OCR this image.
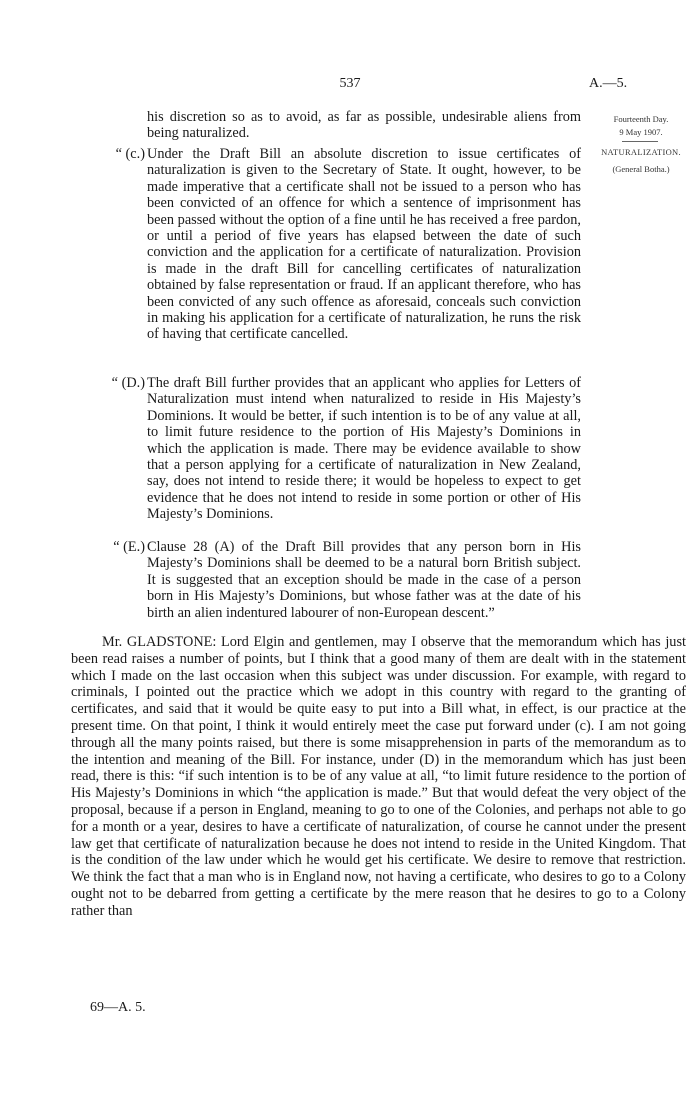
537	A.—5.
Fourteenth Day.
9 May 1907.
NATURALIZATION.
(General Botha.)

his discretion so as to avoid, as far as possible, undesirable aliens from being naturalized.

“ (c.) Under the Draft Bill an absolute discretion to issue certificates of naturalization is given to the Secretary of State. It ought, however, to be made imperative that a certificate shall not be issued to a person who has been convicted of an offence for which a sentence of imprisonment has been passed without the option of a fine until he has received a free pardon, or until a period of five years has elapsed between the date of such conviction and the application for a certificate of naturalization. Provision is made in the draft Bill for cancelling certificates of naturalization obtained by false representation or fraud. If an applicant therefore, who has been convicted of any such offence as aforesaid, conceals such conviction in making his application for a certificate of naturalization, he runs the risk of having that certificate cancelled.

“ (D.) The draft Bill further provides that an applicant who applies for Letters of Naturalization must intend when naturalized to reside in His Majesty’s Dominions. It would be better, if such intention is to be of any value at all, to limit future residence to the portion of His Majesty’s Dominions in which the application is made. There may be evidence available to show that a person applying for a certificate of naturalization in New Zealand, say, does not intend to reside there; it would be hopeless to expect to get evidence that he does not intend to reside in some portion or other of His Majesty’s Dominions.

“ (E.) Clause 28 (A) of the Draft Bill provides that any person born in His Majesty’s Dominions shall be deemed to be a natural born British subject. It is suggested that an exception should be made in the case of a person born in His Majesty’s Dominions, but whose father was at the date of his birth an alien indentured labourer of non-European descent.”

Mr. GLADSTONE: Lord Elgin and gentlemen, may I observe that the memorandum which has just been read raises a number of points, but I think that a good many of them are dealt with in the statement which I made on the last occasion when this subject was under discussion. For example, with regard to criminals, I pointed out the practice which we adopt in this country with regard to the granting of certificates, and said that it would be quite easy to put into a Bill what, in effect, is our practice at the present time. On that point, I think it would entirely meet the case put forward under (c). I am not going through all the many points raised, but there is some misapprehension in parts of the memorandum as to the intention and meaning of the Bill. For instance, under (D) in the memorandum which has just been read, there is this: “if such intention is to be of any value at all, “to limit future residence to the portion of His Majesty’s Dominions in which “the application is made.” But that would defeat the very object of the proposal, because if a person in England, meaning to go to one of the Colonies, and perhaps not able to go for a month or a year, desires to have a certificate of naturalization, of course he cannot under the present law get that certificate of naturalization because he does not intend to reside in the United Kingdom. That is the condition of the law under which he would get his certificate. We desire to remove that restriction. We think the fact that a man who is in England now, not having a certificate, who desires to go to a Colony ought not to be debarred from getting a certificate by the mere reason that he desires to go to a Colony rather than

69—A. 5.
